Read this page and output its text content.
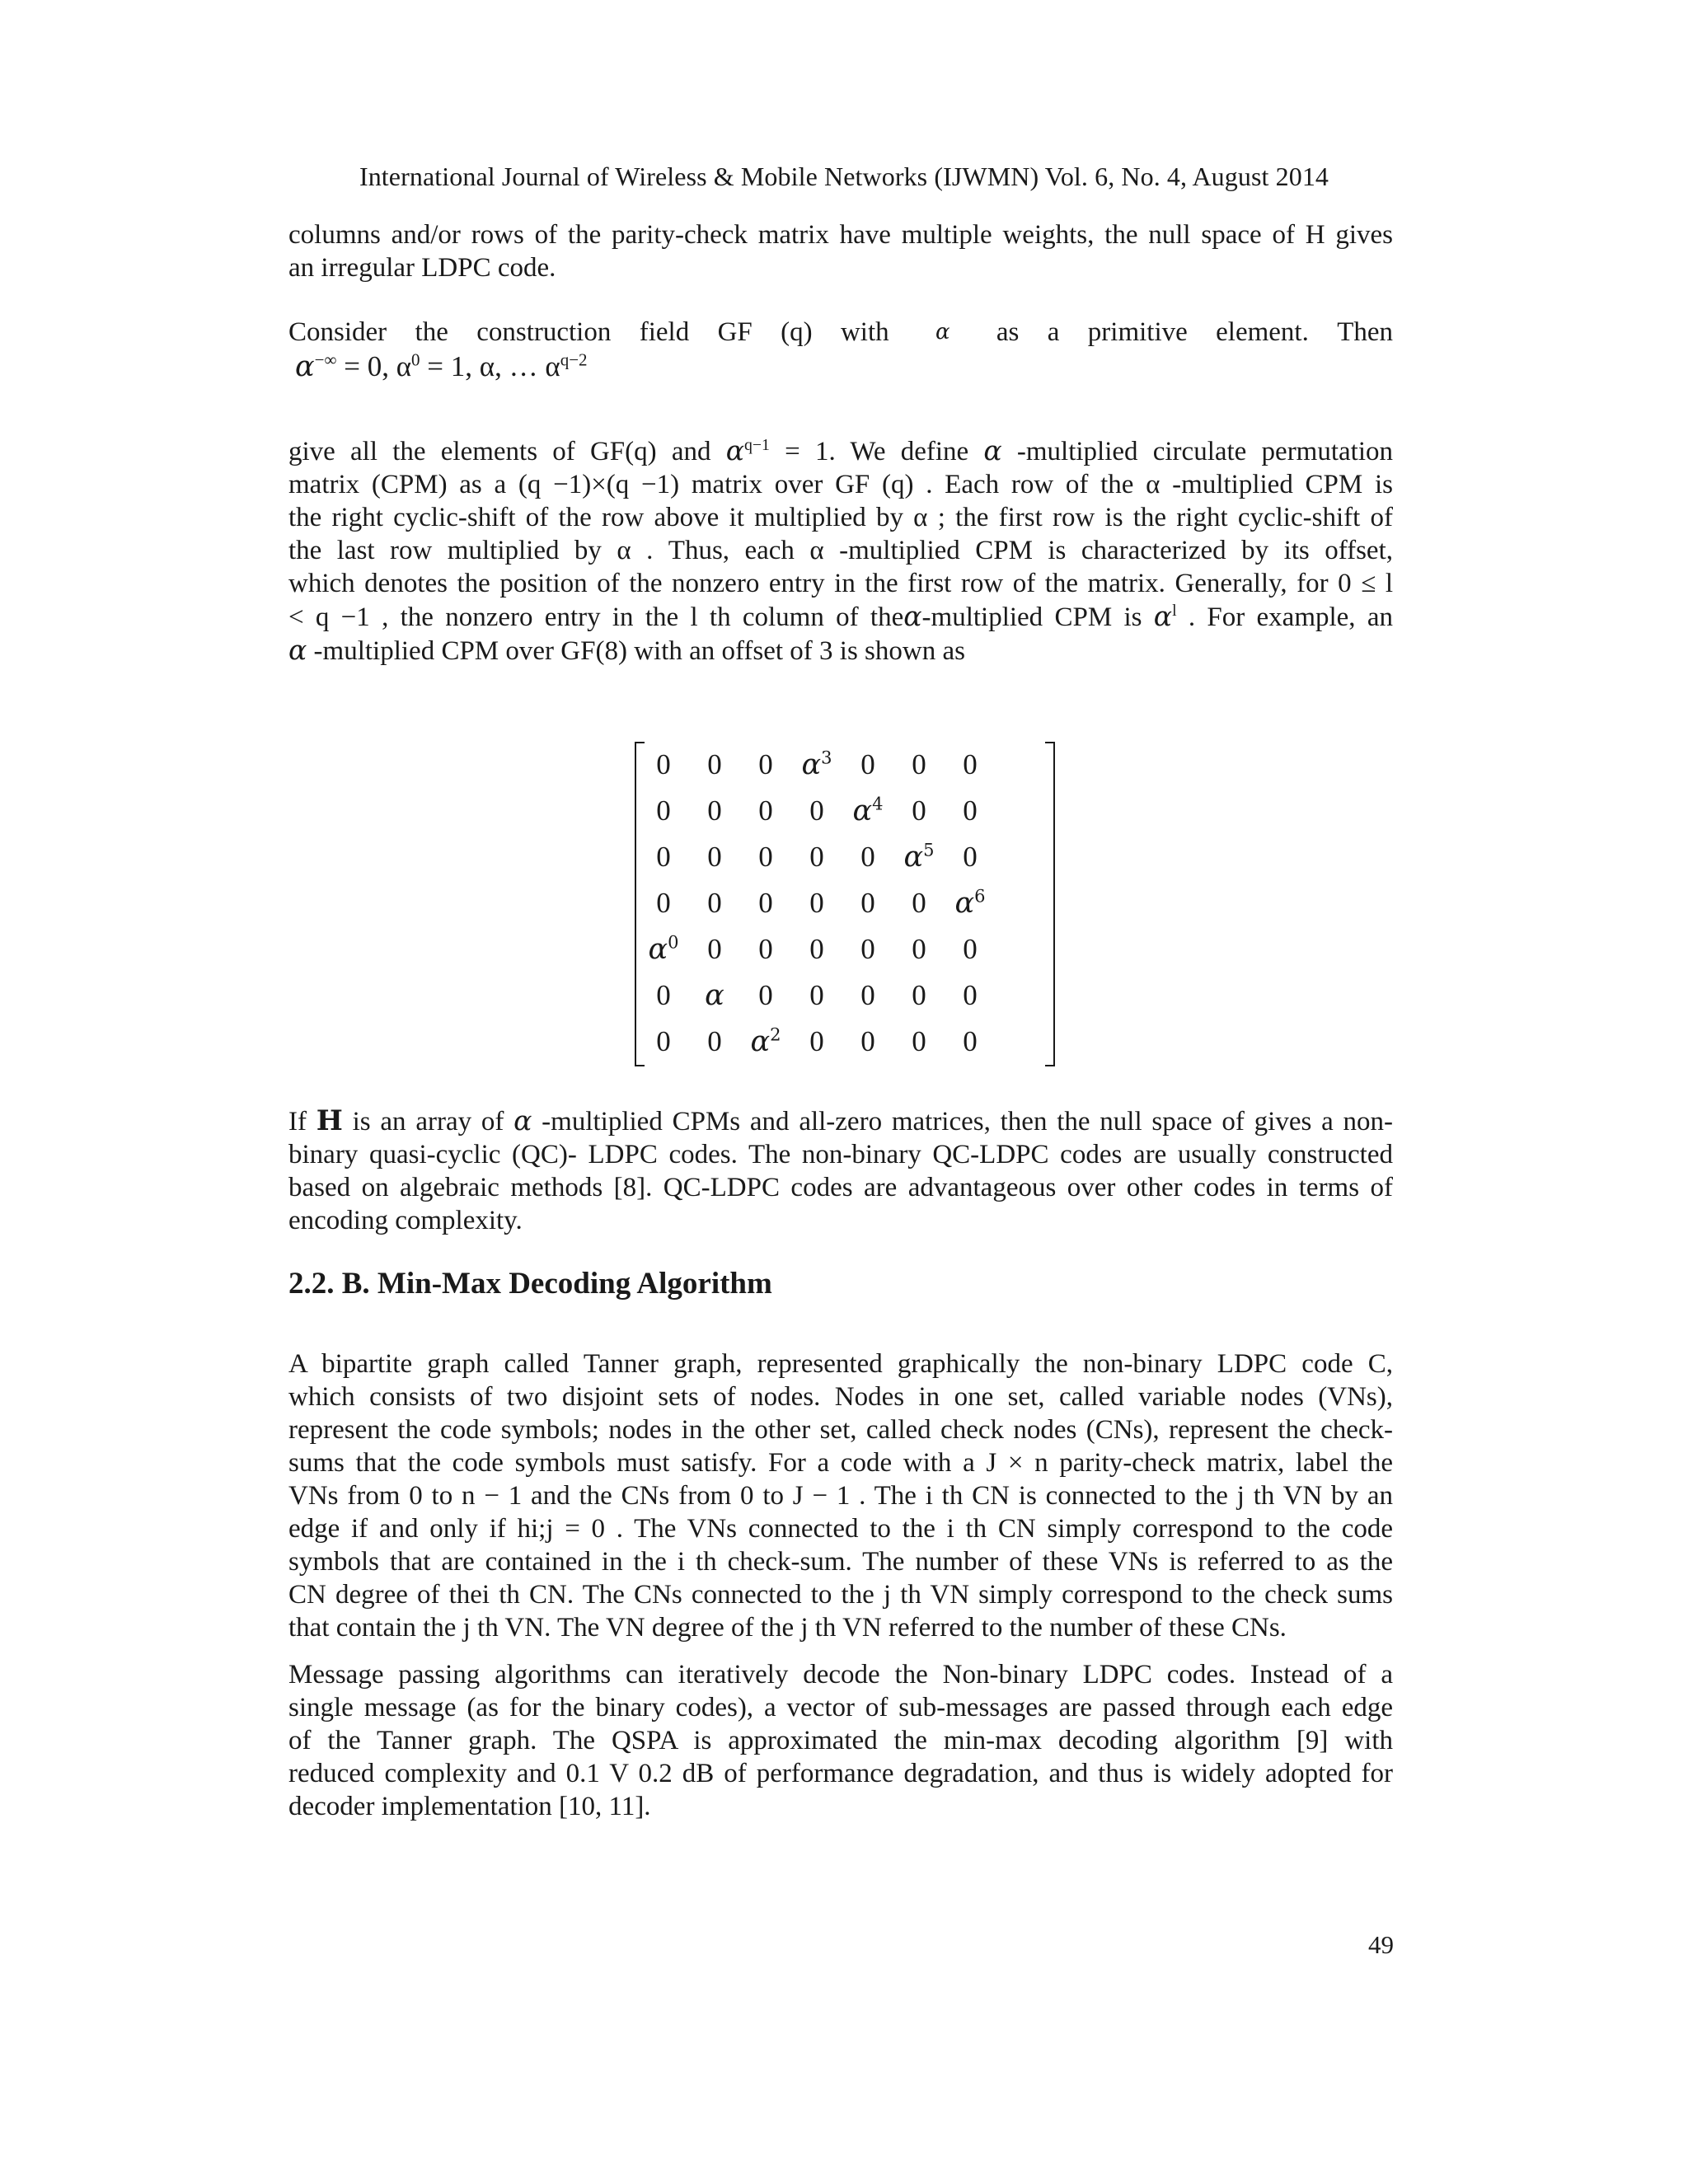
International Journal of Wireless & Mobile Networks (IJWMN) Vol. 6, No. 4, August 2014
columns and/or rows of the parity-check matrix have multiple weights, the null space of H gives
an irregular LDPC code.
Consider the construction field GF (q) with	α	as a primitive element. Then
α−∞ = 0, $\alpha^0 = 1$, α, … $\alpha^{q-2}$
give all the elements of GF(q) and $\alpha^{q-1} = 1$. We define α -multiplied circulate permutation
matrix (CPM) as a (q −1)×(q −1) matrix over GF (q) . Each row of the α -multiplied CPM is
the right cyclic-shift of the row above it multiplied by α ; the first row is the right cyclic-shift of
the last row multiplied by α . Thus, each α -multiplied CPM is characterized by its offset,
which denotes the position of the nonzero entry in the first row of the matrix. Generally, for 0 ≤ l
< q −1 , the nonzero entry in the l th column of theα-multiplied CPM is $\alpha^l$ . For example, an
α -multiplied CPM over GF(8) with an offset of 3 is shown as
0	0	0 $\alpha^3$ 0	0	0
0	0	0	0 $\alpha^4$ 0	0
0	0	0	0	0 $\alpha^5$ 0
0	0	0	0	0	0 $\alpha^6$
$\alpha^0$ 0	0	0	0	0	0
0	α	0	0	0	0	0
0	0 $\alpha^2$ 0	0	0	0
If H is an array of α -multiplied CPMs and all-zero matrices, then the null space of gives a non-
binary quasi-cyclic (QC)- LDPC codes. The non-binary QC-LDPC codes are usually constructed
based on algebraic methods [8]. QC-LDPC codes are advantageous over other codes in terms of
encoding complexity.
2.2. B. Min-Max Decoding Algorithm
A bipartite graph called Tanner graph, represented graphically the non-binary LDPC code C,
which consists of two disjoint sets of nodes. Nodes in one set, called variable nodes (VNs),
represent the code symbols; nodes in the other set, called check nodes (CNs), represent the check-
sums that the code symbols must satisfy. For a code with a J × n parity-check matrix, label the
VNs from 0 to n − 1 and the CNs from 0 to J − 1 . The i th CN is connected to the j th VN by an
edge if and only if hi;j = 0 . The VNs connected to the i th CN simply correspond to the code
symbols that are contained in the i th check-sum. The number of these VNs is referred to as the
CN degree of thei th CN. The CNs connected to the j th VN simply correspond to the check sums
that contain the j th VN. The VN degree of the j th VN referred to the number of these CNs.
Message passing algorithms can iteratively decode the Non-binary LDPC codes. Instead of a
single message (as for the binary codes), a vector of sub-messages are passed through each edge
of the Tanner graph. The QSPA is approximated the min-max decoding algorithm [9] with
reduced complexity and 0.1 V 0.2 dB of performance degradation, and thus is widely adopted for
decoder implementation [10, 11].
49
